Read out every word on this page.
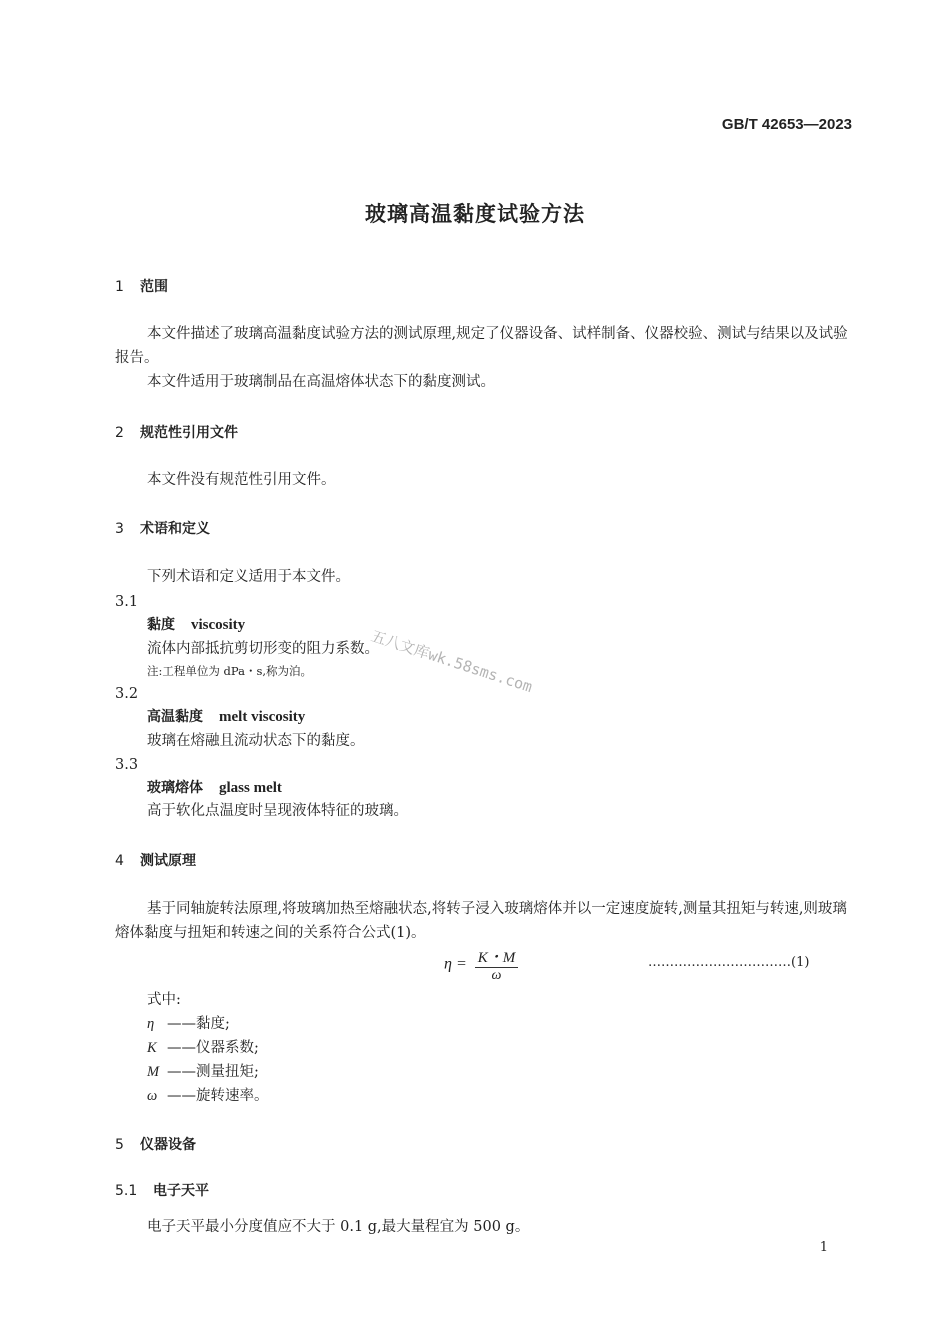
GB/T 42653—2023
玻璃高温黏度试验方法
1 范围
本文件描述了玻璃高温黏度试验方法的测试原理,规定了仪器设备、试样制备、仪器校验、测试与结果以及试验报告。
本文件适用于玻璃制品在高温熔体状态下的黏度测试。
2 规范性引用文件
本文件没有规范性引用文件。
3 术语和定义
下列术语和定义适用于本文件。
3.1
黏度 viscosity
流体内部抵抗剪切形变的阻力系数。
注:工程单位为 dPa・s,称为泊。
3.2
高温黏度 melt viscosity
玻璃在熔融且流动状态下的黏度。
3.3
玻璃熔体 glass melt
高于软化点温度时呈现液体特征的玻璃。
4 测试原理
基于同轴旋转法原理,将玻璃加热至熔融状态,将转子浸入玻璃熔体并以一定速度旋转,测量其扭矩与转速,则玻璃熔体黏度与扭矩和转速之间的关系符合公式(1)。
$\eta = \frac{K・M}{\omega}$	……………………………(1)
式中:
η ——黏度;
K ——仪器系数;
M ——测量扭矩;
ω ——旋转速率。
5 仪器设备
5.1 电子天平
电子天平最小分度值应不大于 0.1 g,最大量程宜为 500 g。
五八文库wk.58sms.com
1
